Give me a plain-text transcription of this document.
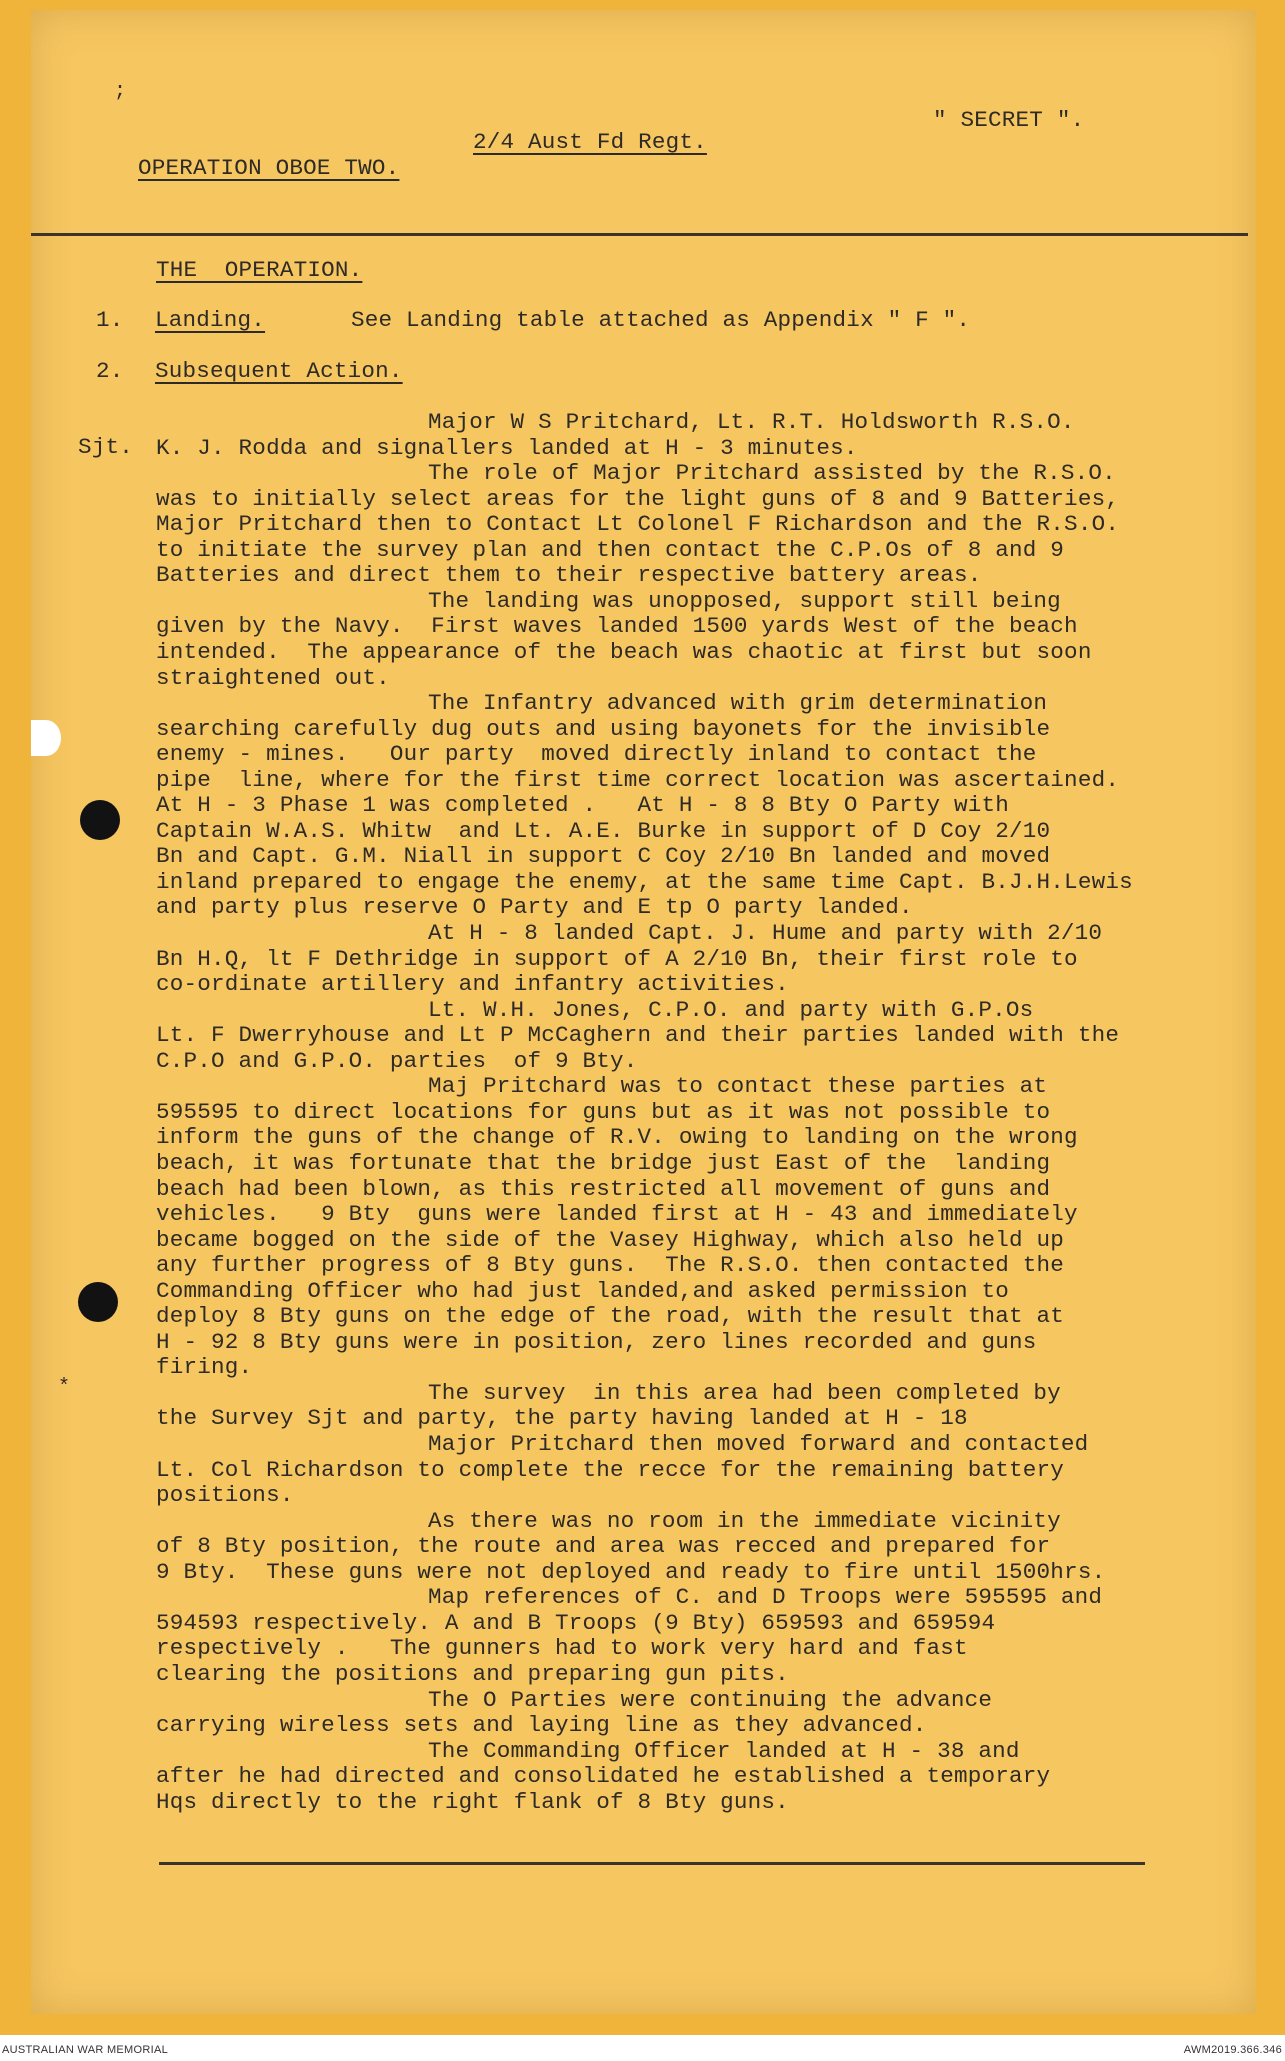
;
*
2/4 Aust Fd Regt.
" SECRET ".
OPERATION OBOE TWO.
THE  OPERATION.
1. Landing.	See Landing table attached as Appendix " F ".
2. Subsequent Action.
Sjt.
Major W S Pritchard, Lt. R.T. Holdsworth R.S.O.
K. J. Rodda and signallers landed at H - 3 minutes.
The role of Major Pritchard assisted by the R.S.O.
was to initially select areas for the light guns of 8 and 9 Batteries,
Major Pritchard then to Contact Lt Colonel F Richardson and the R.S.O.
to initiate the survey plan and then contact the C.P.Os of 8 and 9
Batteries and direct them to their respective battery areas.
The landing was unopposed, support still being
given by the Navy.  First waves landed 1500 yards West of the beach
intended.  The appearance of the beach was chaotic at first but soon
straightened out.
The Infantry advanced with grim determination
searching carefully dug outs and using bayonets for the invisible
enemy - mines.   Our party  moved directly inland to contact the
pipe  line, where for the first time correct location was ascertained.
At H - 3 Phase 1 was completed .   At H - 8 8 Bty O Party with
Captain W.A.S. Whitw  and Lt. A.E. Burke in support of D Coy 2/10
Bn and Capt. G.M. Niall in support C Coy 2/10 Bn landed and moved
inland prepared to engage the enemy, at the same time Capt. B.J.H.Lewis
and party plus reserve O Party and E tp O party landed.
At H - 8 landed Capt. J. Hume and party with 2/10
Bn H.Q, lt F Dethridge in support of A 2/10 Bn, their first role to
co-ordinate artillery and infantry activities.
Lt. W.H. Jones, C.P.O. and party with G.P.Os
Lt. F Dwerryhouse and Lt P McCaghern and their parties landed with the
C.P.O and G.P.O. parties  of 9 Bty.
Maj Pritchard was to contact these parties at
595595 to direct locations for guns but as it was not possible to
inform the guns of the change of R.V. owing to landing on the wrong
beach, it was fortunate that the bridge just East of the  landing
beach had been blown, as this restricted all movement of guns and
vehicles.   9 Bty  guns were landed first at H - 43 and immediately
became bogged on the side of the Vasey Highway, which also held up
any further progress of 8 Bty guns.  The R.S.O. then contacted the
Commanding Officer who had just landed,and asked permission to
deploy 8 Bty guns on the edge of the road, with the result that at
H - 92 8 Bty guns were in position, zero lines recorded and guns
firing.
The survey  in this area had been completed by
the Survey Sjt and party, the party having landed at H - 18
Major Pritchard then moved forward and contacted
Lt. Col Richardson to complete the recce for the remaining battery
positions.
As there was no room in the immediate vicinity
of 8 Bty position, the route and area was recced and prepared for
9 Bty.  These guns were not deployed and ready to fire until 1500hrs.
Map references of C. and D Troops were 595595 and
594593 respectively. A and B Troops (9 Bty) 659593 and 659594
respectively .   The gunners had to work very hard and fast
clearing the positions and preparing gun pits.
The O Parties were continuing the advance
carrying wireless sets and laying line as they advanced.
The Commanding Officer landed at H - 38 and
after he had directed and consolidated he established a temporary
Hqs directly to the right flank of 8 Bty guns.
AUSTRALIAN WAR MEMORIAL	AWM2019.366.346
